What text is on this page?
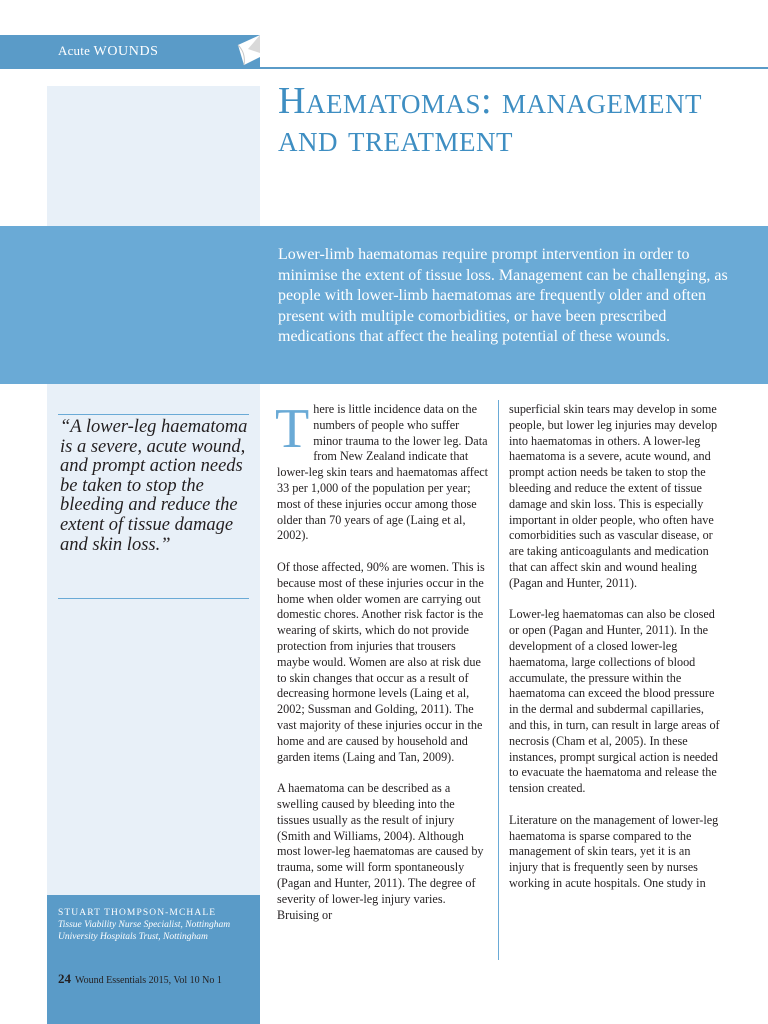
Acute WOUNDS
Haematomas: management and treatment

Lower-limb haematomas require prompt intervention in order to minimise the extent of tissue loss. Management can be challenging, as people with lower-limb haematomas are frequently older and often present with multiple comorbidities, or have been prescribed medications that affect the healing potential of these wounds.

“A lower-leg haematoma is a severe, acute wound, and prompt action needs be taken to stop the bleeding and reduce the extent of tissue damage and skin loss.”

STUART THOMPSON-MCHALE

Tissue Viability Nurse Specialist, Nottingham University Hospitals Trust, Nottingham

24 Wound Essentials 2015, Vol 10 No 1

There is little incidence data on the numbers of people who suffer minor trauma to the lower leg. Data from New Zealand indicate that lower-leg skin tears and haematomas affect 33 per 1,000 of the population per year; most of these injuries occur among those older than 70 years of age (Laing et al, 2002).

Of those affected, 90% are women. This is because most of these injuries occur in the home when older women are carrying out domestic chores. Another risk factor is the wearing of skirts, which do not provide protection from injuries that trousers maybe would. Women are also at risk due to skin changes that occur as a result of decreasing hormone levels (Laing et al, 2002; Sussman and Golding, 2011). The vast majority of these injuries occur in the home and are caused by household and garden items (Laing and Tan, 2009).

A haematoma can be described as a swelling caused by bleeding into the tissues usually as the result of injury (Smith and Williams, 2004). Although most lower-leg haematomas are caused by trauma, some will form spontaneously (Pagan and Hunter, 2011). The degree of severity of lower-leg injury varies. Bruising or

superficial skin tears may develop in some people, but lower leg injuries may develop into haematomas in others. A lower-leg haematoma is a severe, acute wound, and prompt action needs be taken to stop the bleeding and reduce the extent of tissue damage and skin loss. This is especially important in older people, who often have comorbidities such as vascular disease, or are taking anticoagulants and medication that can affect skin and wound healing (Pagan and Hunter, 2011).

Lower-leg haematomas can also be closed or open (Pagan and Hunter, 2011). In the development of a closed lower-leg haematoma, large collections of blood accumulate, the pressure within the haematoma can exceed the blood pressure in the dermal and subdermal capillaries, and this, in turn, can result in large areas of necrosis (Cham et al, 2005). In these instances, prompt surgical action is needed to evacuate the haematoma and release the tension created.

Literature on the management of lower-leg haematoma is sparse compared to the management of skin tears, yet it is an injury that is frequently seen by nurses working in acute hospitals. One study in
